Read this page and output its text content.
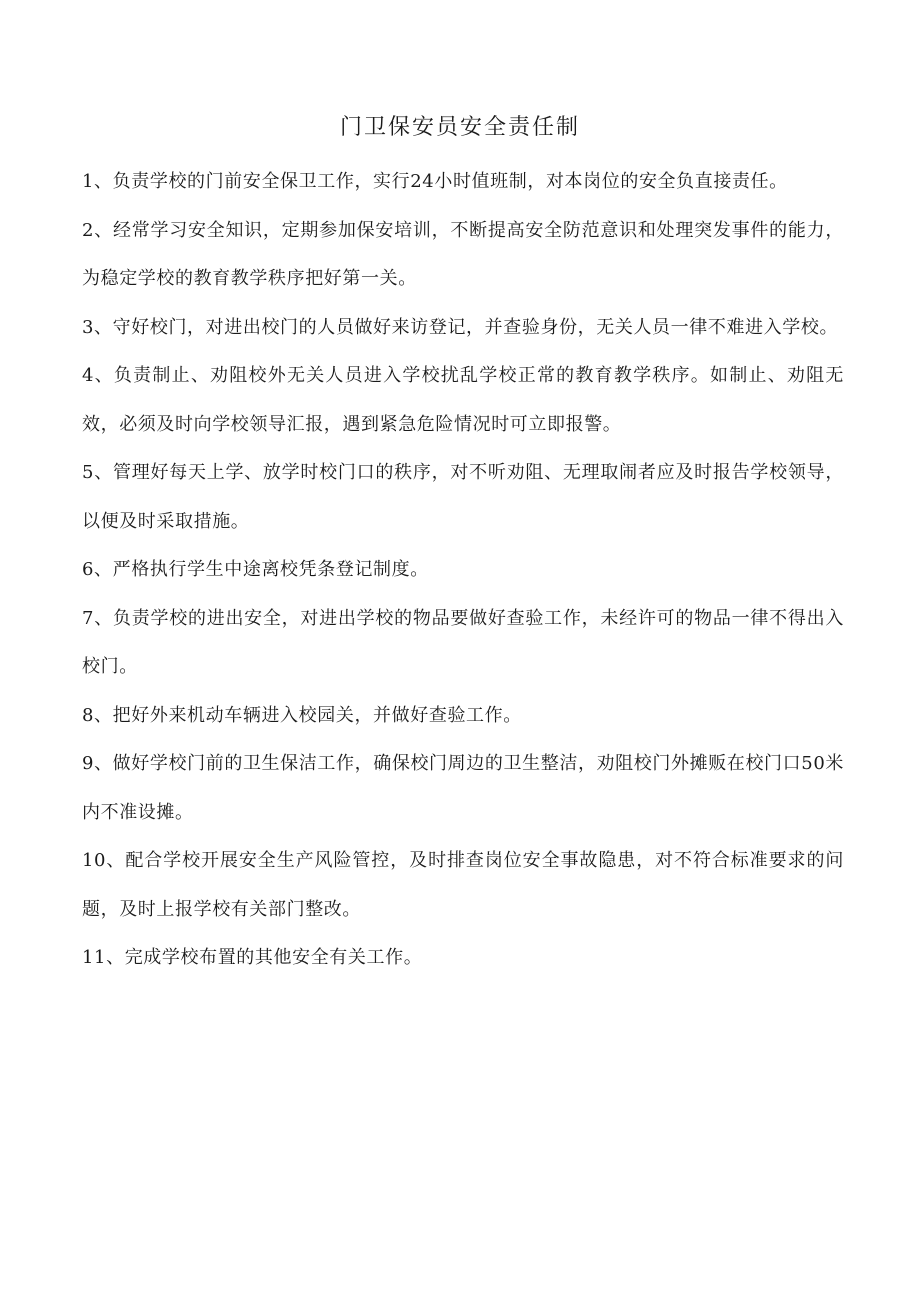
门卫保安员安全责任制

1、负责学校的门前安全保卫工作，实行24小时值班制，对本岗位的安全负直接责任。

2、经常学习安全知识，定期参加保安培训，不断提高安全防范意识和处理突发事件的能力，为稳定学校的教育教学秩序把好第一关。

3、守好校门，对进出校门的人员做好来访登记，并查验身份，无关人员一律不难进入学校。

4、负责制止、劝阻校外无关人员进入学校扰乱学校正常的教育教学秩序。如制止、劝阻无效，必须及时向学校领导汇报，遇到紧急危险情况时可立即报警。

5、管理好每天上学、放学时校门口的秩序，对不听劝阻、无理取闹者应及时报告学校领导，以便及时采取措施。

6、严格执行学生中途离校凭条登记制度。

7、负责学校的进出安全，对进出学校的物品要做好查验工作，未经许可的物品一律不得出入校门。

8、把好外来机动车辆进入校园关，并做好查验工作。

9、做好学校门前的卫生保洁工作，确保校门周边的卫生整洁，劝阻校门外摊贩在校门口50米内不准设摊。

10、配合学校开展安全生产风险管控，及时排查岗位安全事故隐患，对不符合标准要求的问题，及时上报学校有关部门整改。

11、完成学校布置的其他安全有关工作。
